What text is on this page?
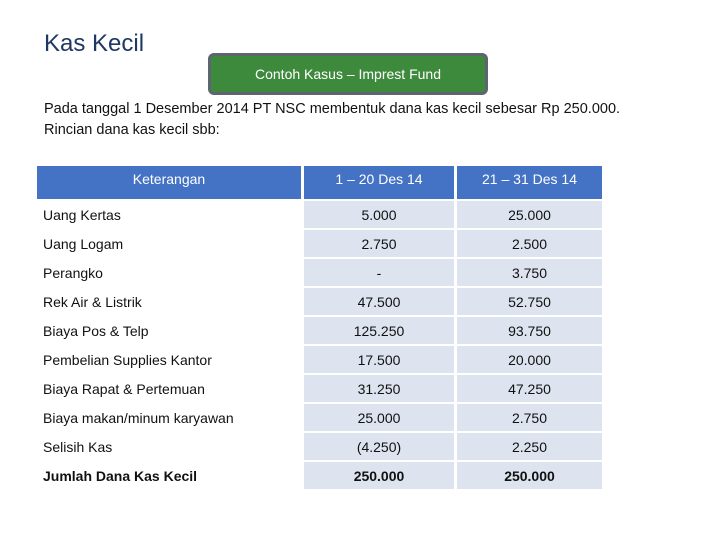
Kas Kecil
Contoh Kasus – Imprest Fund
Pada tanggal 1 Desember 2014 PT NSC membentuk dana kas kecil sebesar Rp 250.000.
Rincian dana kas kecil sbb:
Keterangan		1 – 20 Des 14		21 – 31 Des 14
Uang Kertas		5.000		25.000
Uang Logam		2.750		2.500
Perangko		-		3.750
Rek Air & Listrik		47.500		52.750
Biaya Pos & Telp		125.250		93.750
Pembelian Supplies Kantor		17.500		20.000
Biaya Rapat & Pertemuan		31.250		47.250
Biaya makan/minum karyawan		25.000		2.750
Selisih Kas		(4.250)		2.250
Jumlah Dana Kas Kecil		250.000		250.000
